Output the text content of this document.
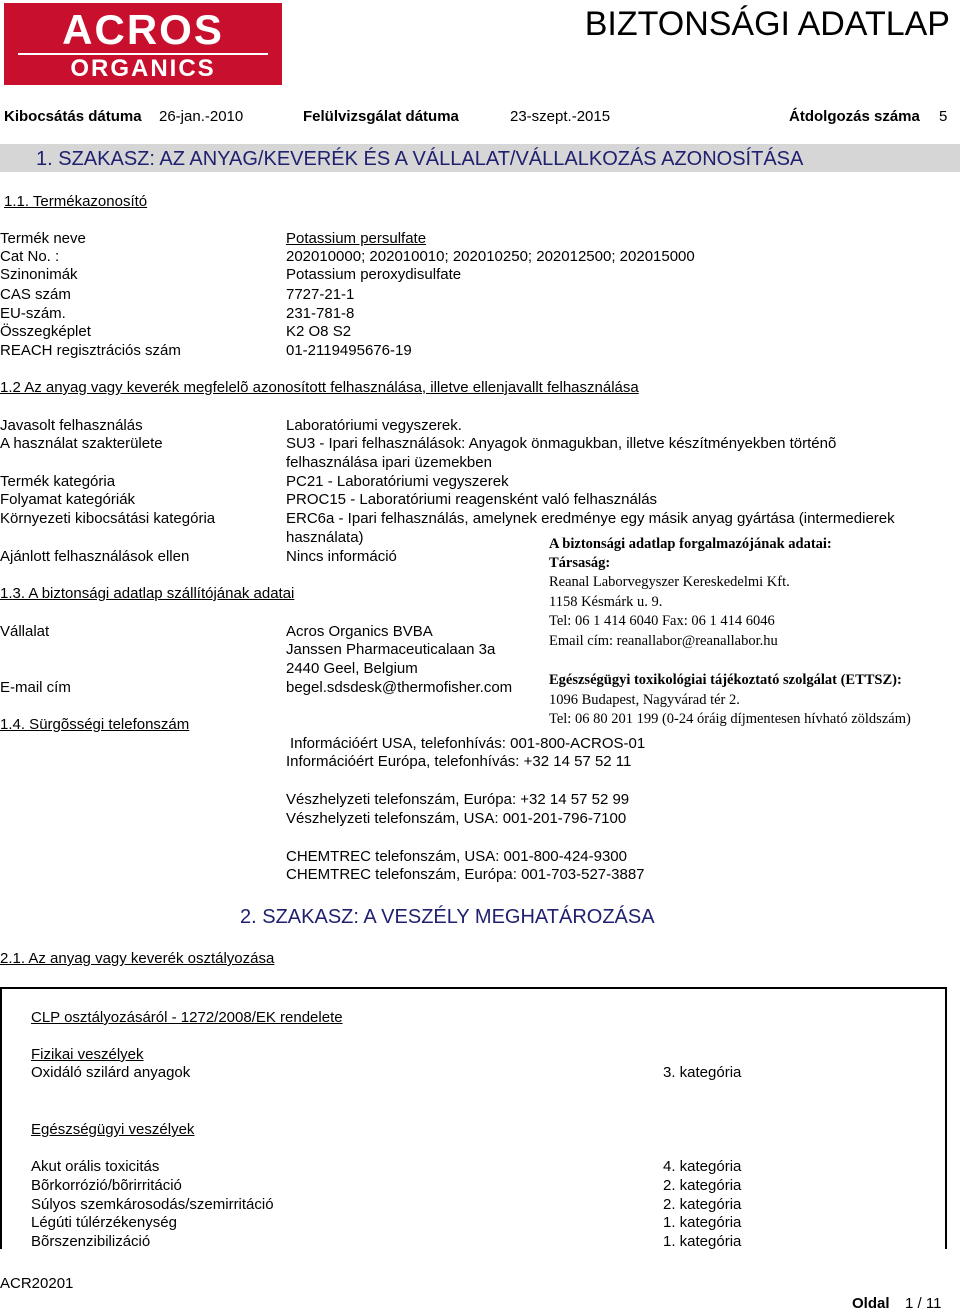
ACROS
ORGANICS
BIZTONSÁGI ADATLAP
Kibocsátás dátuma 26-jan.-2010	Felülvizsgálat dátuma	23-szept.-2015	Átdolgozás száma 5
1. SZAKASZ: AZ ANYAG/KEVERÉK ÉS A VÁLLALAT/VÁLLALKOZÁS AZONOSÍTÁSA
1.1. Termékazonosító
Termék neve	Potassium persulfate
Cat No. :	202010000; 202010010; 202010250; 202012500; 202015000
Szinonimák	Potassium peroxydisulfate
CAS szám	7727-21-1
EU-szám.	231-781-8
Összegképlet	K2 O8 S2
REACH regisztrációs szám	01-2119495676-19
1.2 Az anyag vagy keverék megfelelõ azonosított felhasználása, illetve ellenjavallt felhasználása
Javasolt felhasználás	Laboratóriumi vegyszerek.
A használat szakterülete	SU3 - Ipari felhasználások: Anyagok önmagukban, illetve készítményekben történõ
felhasználása ipari üzemekben
Termék kategória	PC21 - Laboratóriumi vegyszerek
Folyamat kategóriák	PROC15 - Laboratóriumi reagensként való felhasználás
Környezeti kibocsátási kategória	ERC6a - Ipari felhasználás, amelynek eredménye egy másik anyag gyártása (intermedierek
használata)
Ajánlott felhasználások ellen	Nincs információ
A biztonsági adatlap forgalmazójának adatai:
Társaság:
Reanal Laborvegyszer Kereskedelmi Kft.
1158 Késmárk u. 9.
Tel: 06 1 414 6040 Fax: 06 1 414 6046
Email cím: reanallabor@reanallabor.hu
Egészségügyi toxikológiai tájékoztató szolgálat (ETTSZ):
1096 Budapest, Nagyvárad tér 2.
Tel: 06 80 201 199 (0-24 óráig díjmentesen hívható zöldszám)
1.3. A biztonsági adatlap szállítójának adatai
Vállalat	Acros Organics BVBA
Janssen Pharmaceuticalaan 3a
2440 Geel, Belgium
E-mail cím	begel.sdsdesk@thermofisher.com
1.4. Sürgõsségi telefonszám
Információért USA, telefonhívás: 001-800-ACROS-01
Információért Európa, telefonhívás: +32 14 57 52 11
Vészhelyzeti telefonszám, Európa: +32 14 57 52 99
Vészhelyzeti telefonszám, USA: 001-201-796-7100
CHEMTREC telefonszám, USA: 001-800-424-9300
CHEMTREC telefonszám, Európa: 001-703-527-3887
2. SZAKASZ: A VESZÉLY MEGHATÁROZÁSA
2.1. Az anyag vagy keverék osztályozása
CLP osztályozásáról - 1272/2008/EK rendelete
Fizikai veszélyek
Oxidáló szilárd anyagok	3. kategória
Egészségügyi veszélyek
Akut orális toxicitás	4. kategória
Bõrkorrózió/bõrirritáció	2. kategória
Súlyos szemkárosodás/szemirritáció	2. kategória
Légúti túlérzékenység	1. kategória
Bõrszenzibilizáció	1. kategória
ACR20201
Oldal 1 / 11
